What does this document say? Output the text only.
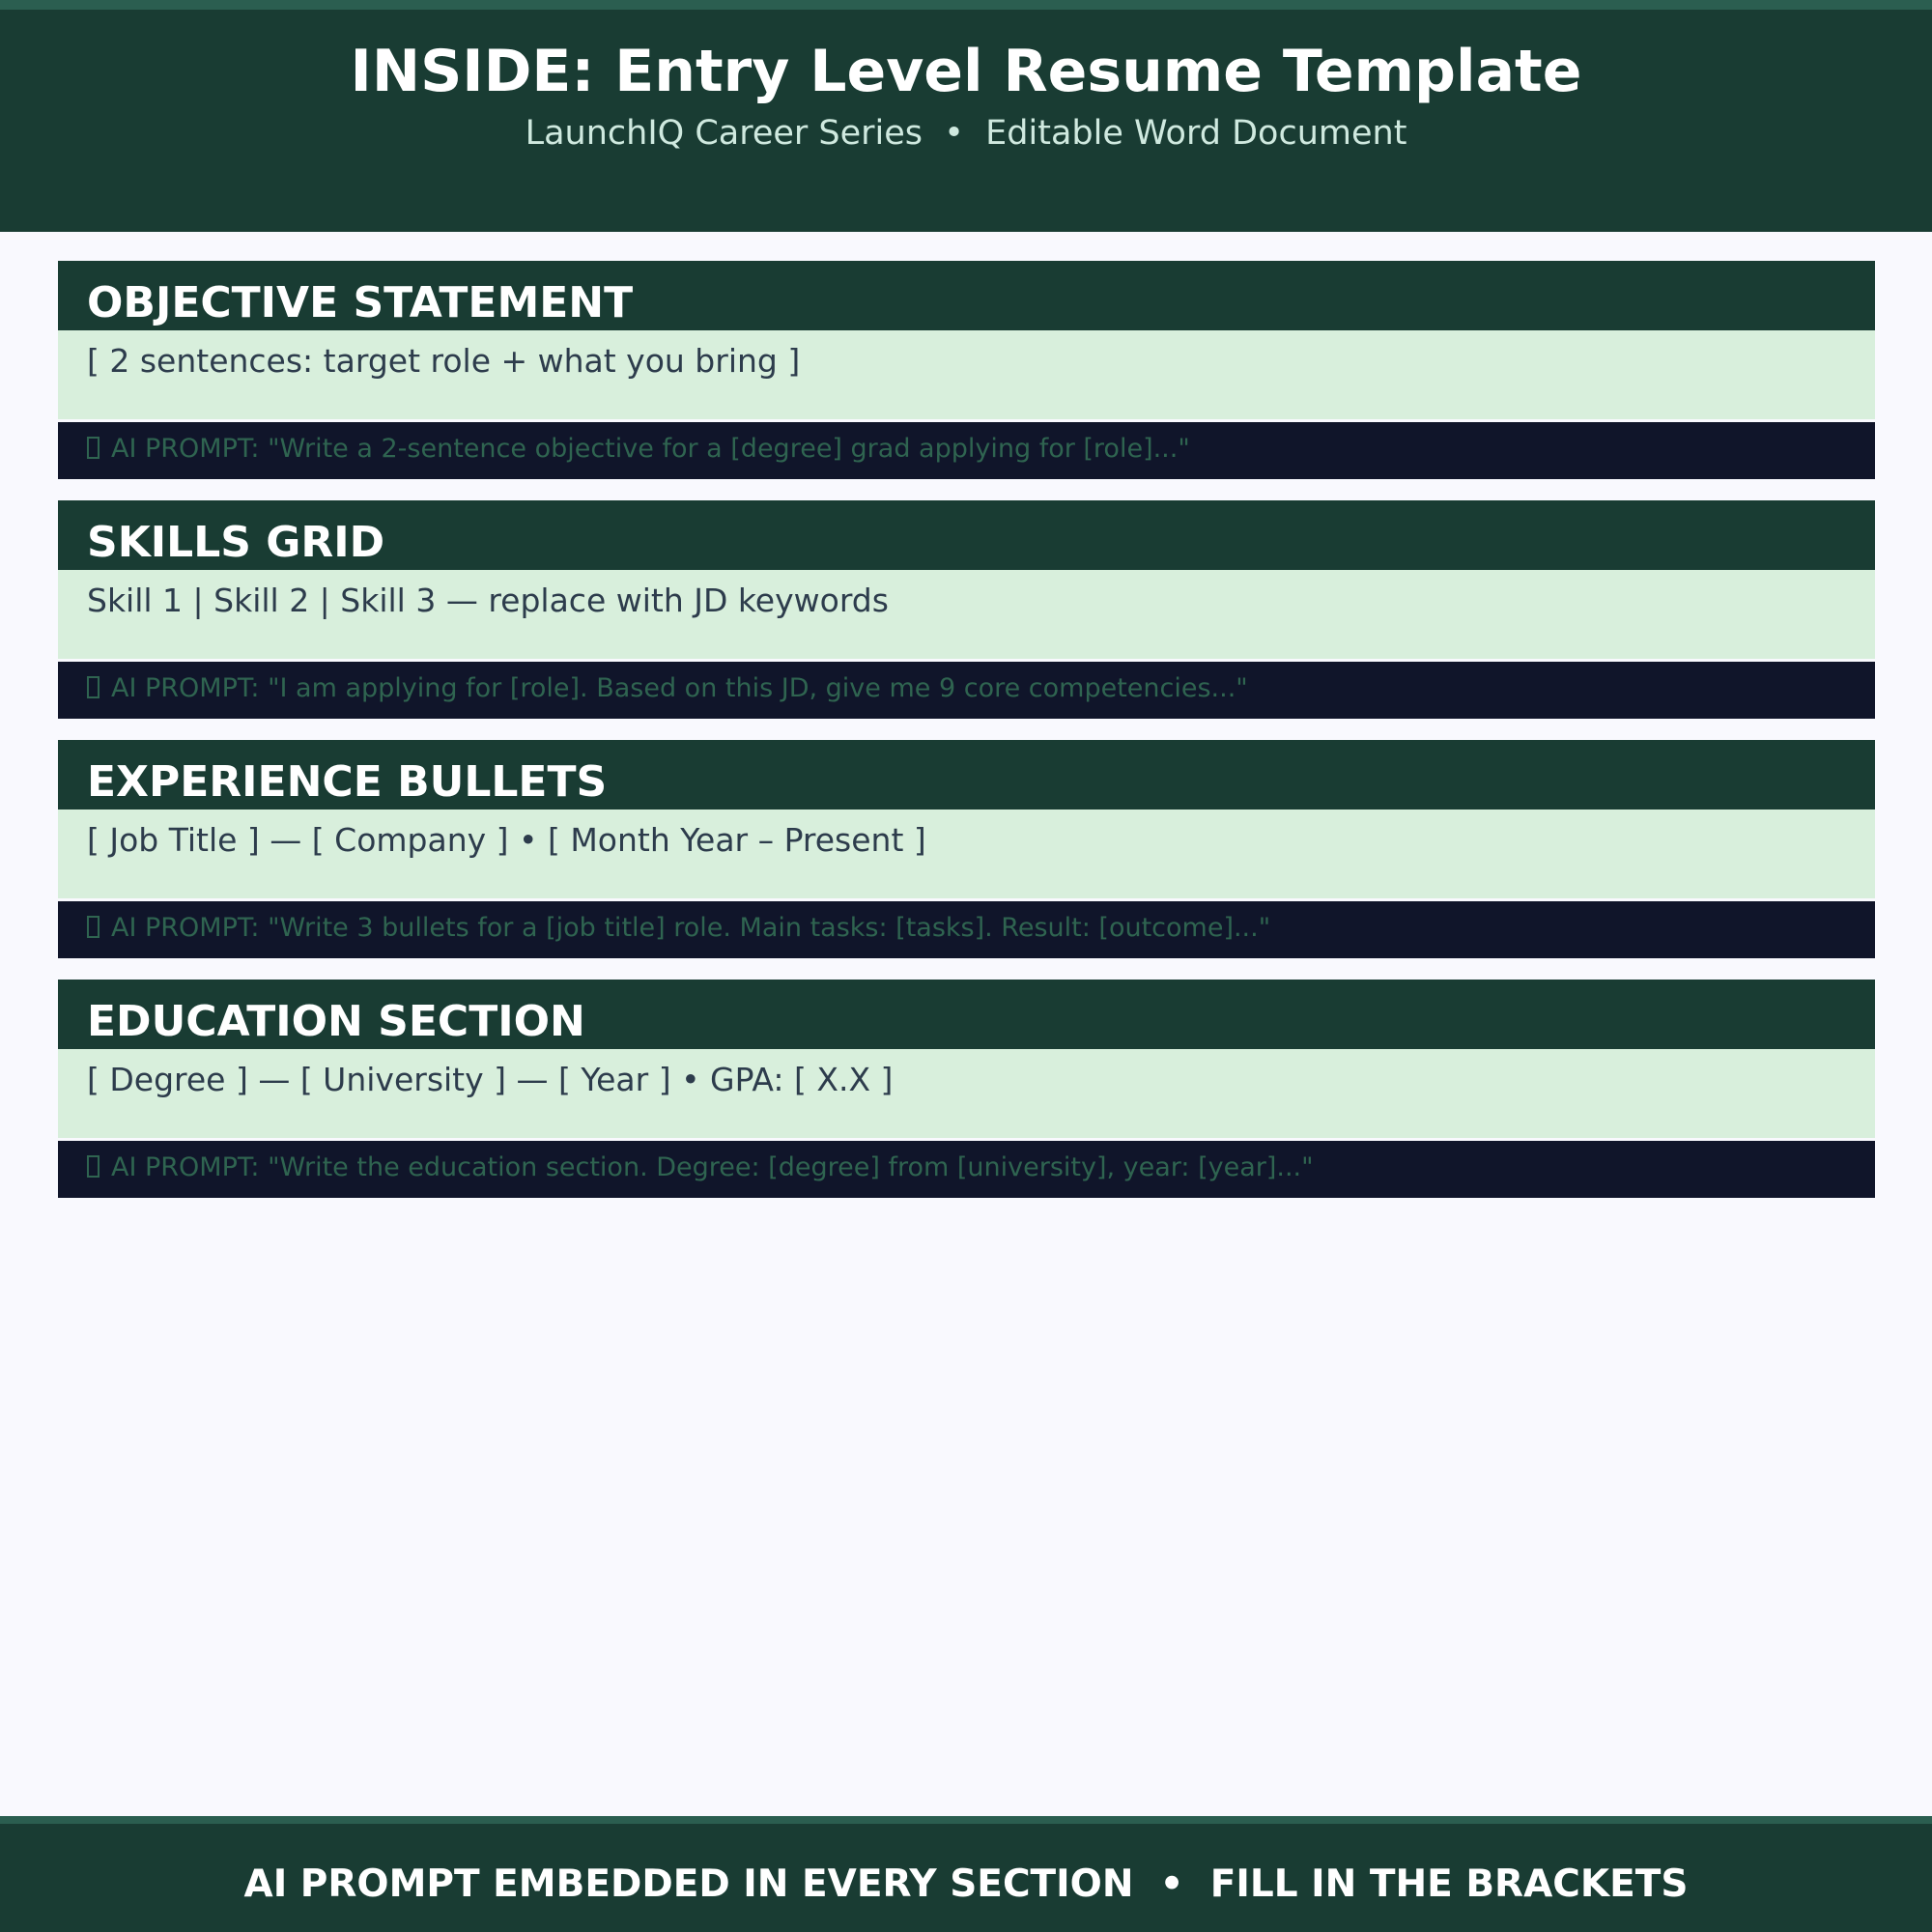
INSIDE: Entry Level Resume Template
LaunchIQ Career Series  •  Editable Word Document
OBJECTIVE STATEMENT
[ 2 sentences: target role + what you bring ]
AI PROMPT: "Write a 2-sentence objective for a [degree] grad applying for [role]..."
SKILLS GRID
Skill 1 | Skill 2 | Skill 3 — replace with JD keywords
AI PROMPT: "I am applying for [role]. Based on this JD, give me 9 core competencies..."
EXPERIENCE BULLETS
[ Job Title ] — [ Company ] • [ Month Year – Present ]
AI PROMPT: "Write 3 bullets for a [job title] role. Main tasks: [tasks]. Result: [outcome]..."
EDUCATION SECTION
[ Degree ] — [ University ] — [ Year ] • GPA: [ X.X ]
AI PROMPT: "Write the education section. Degree: [degree] from [university], year: [year]..."
AI PROMPT EMBEDDED IN EVERY SECTION  •  FILL IN THE BRACKETS
